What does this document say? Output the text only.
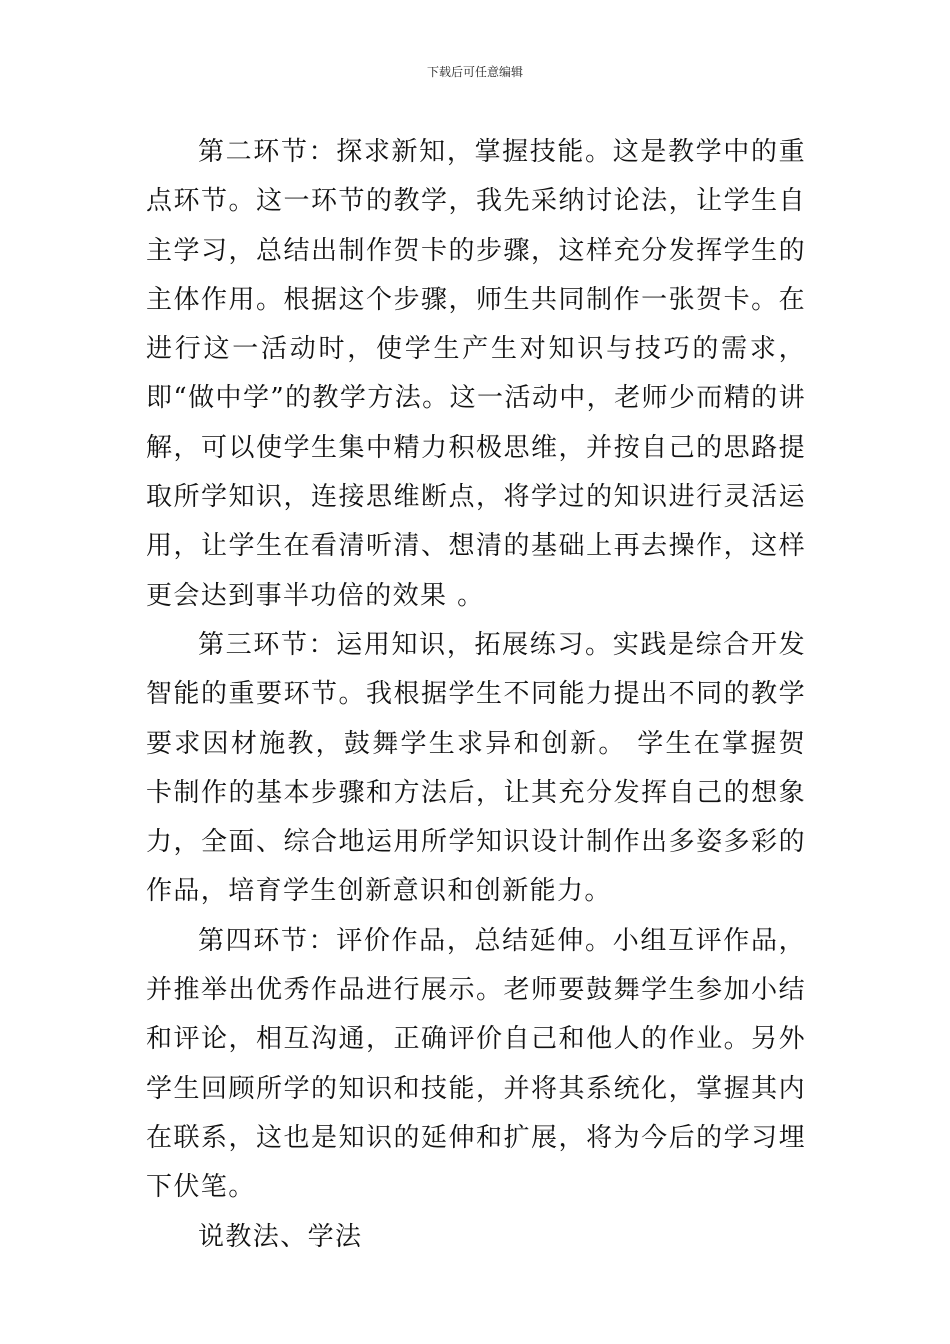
下载后可任意编辑

第二环节：探求新知，掌握技能。这是教学中的重点环节。这一环节的教学，我先采纳讨论法，让学生自主学习，总结出制作贺卡的步骤，这样充分发挥学生的主体作用。根据这个步骤，师生共同制作一张贺卡。在进行这一活动时，使学生产生对知识与技巧的需求，即“做中学”的教学方法。这一活动中，老师少而精的讲解，可以使学生集中精力积极思维，并按自己的思路提取所学知识，连接思维断点，将学过的知识进行灵活运用，让学生在看清听清、想清的基础上再去操作，这样更会达到事半功倍的效果 。

第三环节：运用知识，拓展练习。实践是综合开发智能的重要环节。我根据学生不同能力提出不同的教学要求因材施教，鼓舞学生求异和创新。 学生在掌握贺卡制作的基本步骤和方法后，让其充分发挥自己的想象力，全面、综合地运用所学知识设计制作出多姿多彩的作品，培育学生创新意识和创新能力。

第四环节：评价作品，总结延伸。小组互评作品，并推举出优秀作品进行展示。老师要鼓舞学生参加小结和评论，相互沟通，正确评价自己和他人的作业。另外学生回顾所学的知识和技能，并将其系统化，掌握其内在联系，这也是知识的延伸和扩展，将为今后的学习埋下伏笔。

说教法、学法
